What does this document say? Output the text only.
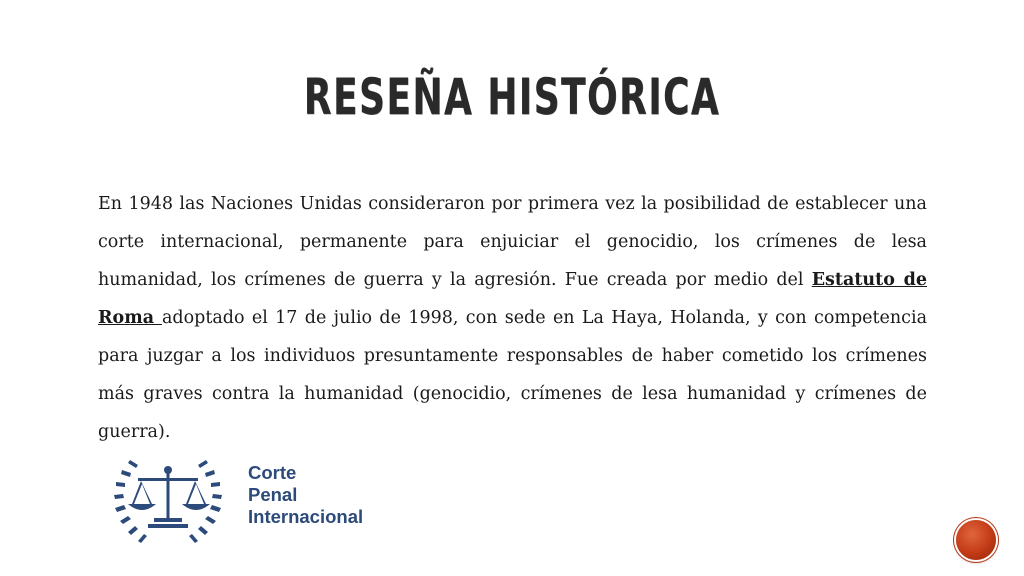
RESEÑA HISTÓRICA

En 1948 las Naciones Unidas consideraron por primera vez la posibilidad de establecer una corte internacional, permanente para enjuiciar el genocidio, los crímenes de lesa humanidad, los crímenes de guerra y la agresión. Fue creada por medio del Estatuto de Roma adoptado el 17 de julio de 1998, con sede en La Haya, Holanda, y con competencia para juzgar a los individuos presuntamente responsables de haber cometido los crímenes más graves contra la humanidad (genocidio, crímenes de lesa humanidad y crímenes de guerra).

Corte
Penal
Internacional
